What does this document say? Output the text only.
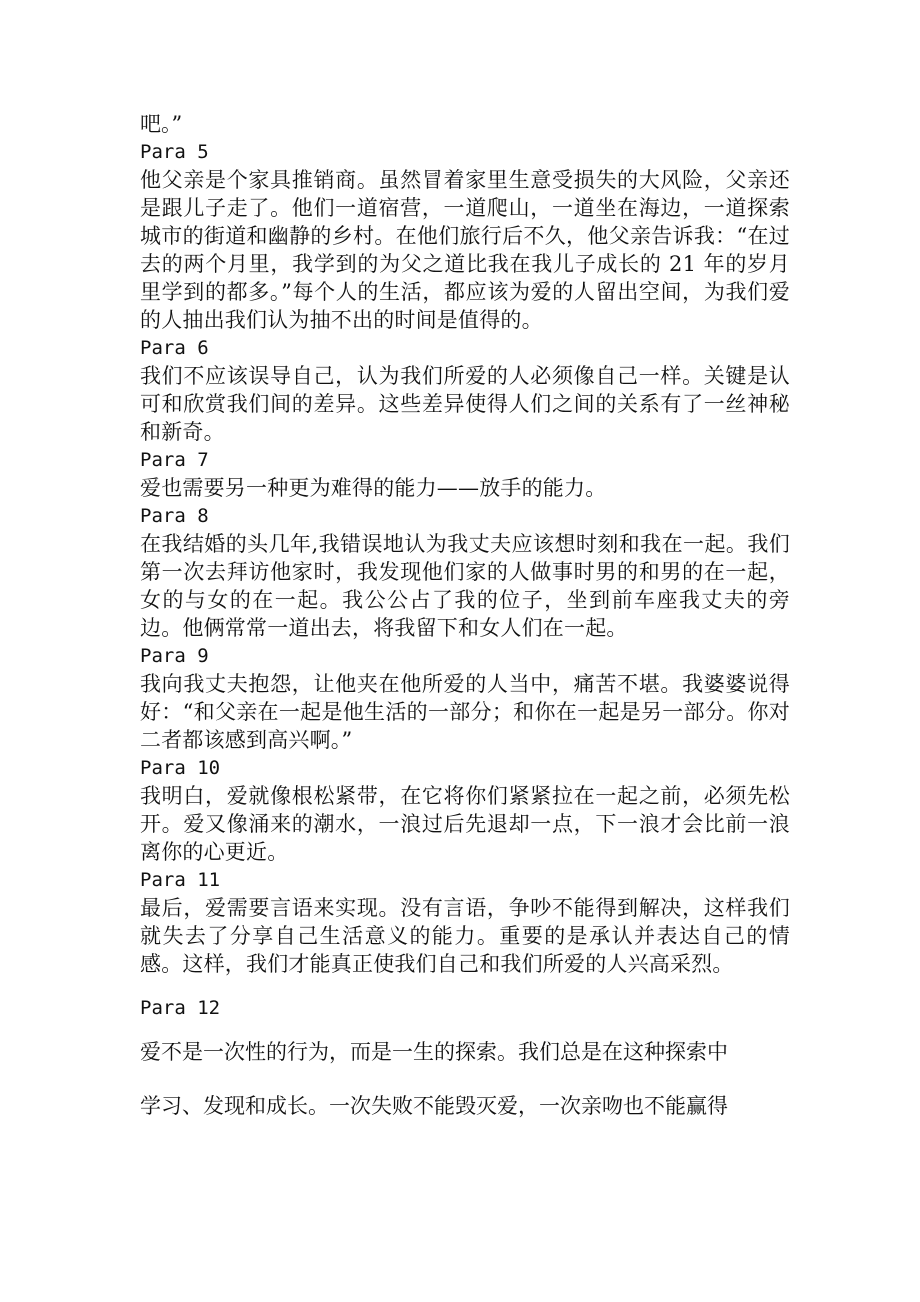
吧。”

Para 5

他父亲是个家具推销商。虽然冒着家里生意受损失的大风险，父亲还是跟儿子走了。他们一道宿营，一道爬山，一道坐在海边，一道探索城市的街道和幽静的乡村。在他们旅行后不久，他父亲告诉我：“在过去的两个月里，我学到的为父之道比我在我儿子成长的 21 年的岁月里学到的都多。”每个人的生活，都应该为爱的人留出空间，为我们爱的人抽出我们认为抽不出的时间是值得的。

Para 6

我们不应该误导自己，认为我们所爱的人必须像自己一样。关键是认可和欣赏我们间的差异。这些差异使得人们之间的关系有了一丝神秘和新奇。

Para 7

爱也需要另一种更为难得的能力——放手的能力。

Para 8

在我结婚的头几年,我错误地认为我丈夫应该想时刻和我在一起。我们第一次去拜访他家时，我发现他们家的人做事时男的和男的在一起，女的与女的在一起。我公公占了我的位子，坐到前车座我丈夫的旁边。他俩常常一道出去，将我留下和女人们在一起。

Para 9

我向我丈夫抱怨，让他夹在他所爱的人当中，痛苦不堪。我婆婆说得好：“和父亲在一起是他生活的一部分；和你在一起是另一部分。你对二者都该感到高兴啊。”

Para 10

我明白，爱就像根松紧带，在它将你们紧紧拉在一起之前，必须先松开。爱又像涌来的潮水，一浪过后先退却一点，下一浪才会比前一浪离你的心更近。

Para 11

最后，爱需要言语来实现。没有言语，争吵不能得到解决，这样我们就失去了分享自己生活意义的能力。重要的是承认并表达自己的情感。这样，我们才能真正使我们自己和我们所爱的人兴高采烈。

Para 12

爱不是一次性的行为，而是一生的探索。我们总是在这种探索中
学习、发现和成长。一次失败不能毁灭爱，一次亲吻也不能赢得
